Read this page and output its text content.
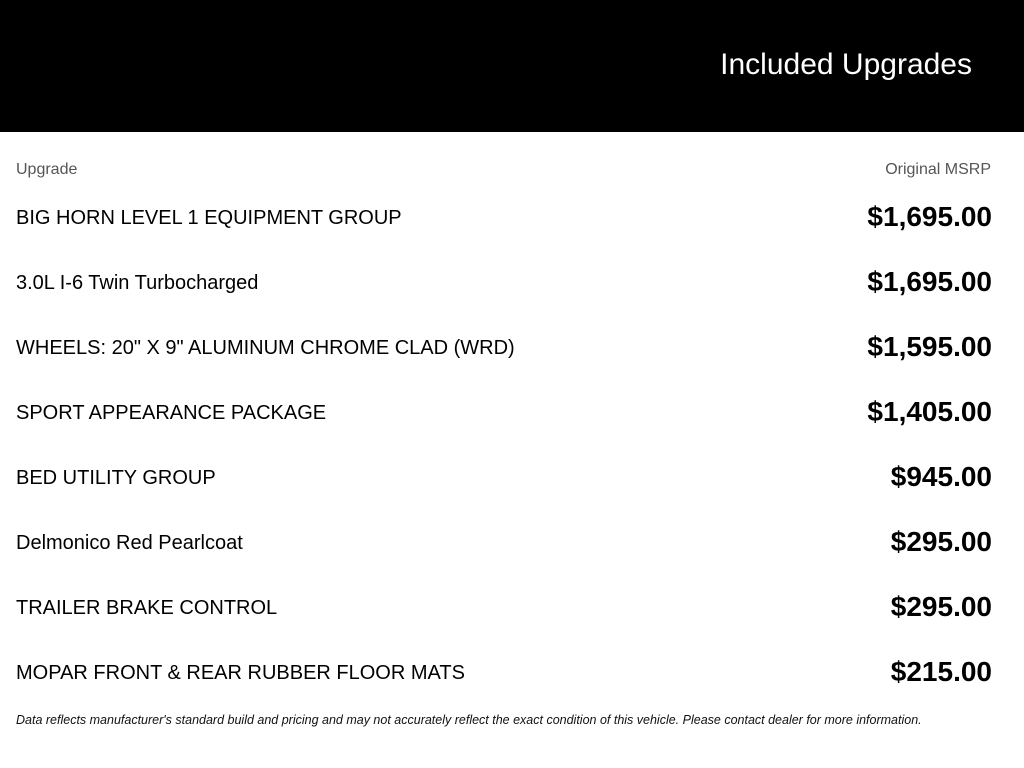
Included Upgrades
Upgrade	Original MSRP
BIG HORN LEVEL 1 EQUIPMENT GROUP	$1,695.00
3.0L I-6 Twin Turbocharged	$1,695.00
WHEELS: 20" X 9" ALUMINUM CHROME CLAD (WRD)	$1,595.00
SPORT APPEARANCE PACKAGE	$1,405.00
BED UTILITY GROUP	$945.00
Delmonico Red Pearlcoat	$295.00
TRAILER BRAKE CONTROL	$295.00
MOPAR FRONT & REAR RUBBER FLOOR MATS	$215.00
Data reflects manufacturer's standard build and pricing and may not accurately reflect the exact condition of this vehicle. Please contact dealer for more information.
